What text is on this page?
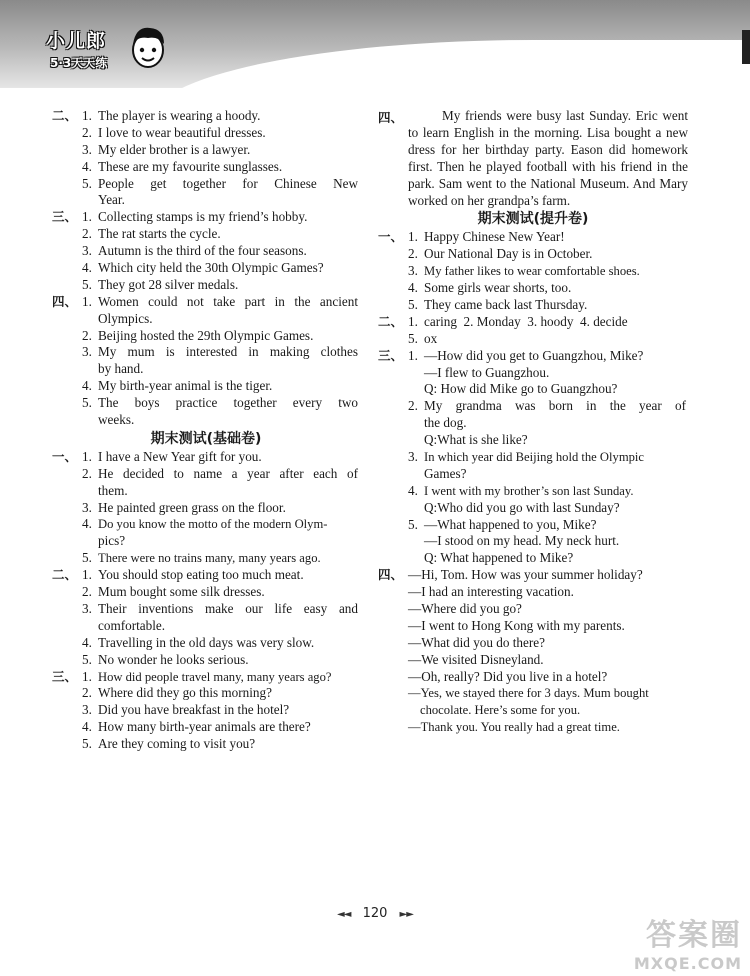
小儿郎
5·3天天练
二、 1. The player is wearing a hoody.
2. I love to wear beautiful dresses.
3. My elder brother is a lawyer.
4. These are my favourite sunglasses.
5. People get together for Chinese New
Year.
三、 1. Collecting stamps is my friend’s hobby.
2. The rat starts the cycle.
3. Autumn is the third of the four seasons.
4. Which city held the 30th Olympic Games?
5. They got 28 silver medals.
四、 1. Women could not take part in the ancient
Olympics.
2. Beijing hosted the 29th Olympic Games.
3. My mum is interested in making clothes
by hand.
4. My birth-year animal is the tiger.
5. The boys practice together every two
weeks.
期末测试(基础卷)
一、 1. I have a New Year gift for you.
2. He decided to name a year after each of
them.
3. He painted green grass on the floor.
4. Do you know the motto of the modern Olym-
pics?
5. There were no trains many, many years ago.
二、 1. You should stop eating too much meat.
2. Mum bought some silk dresses.
3. Their inventions make our life easy and
comfortable.
4. Travelling in the old days was very slow.
5. No wonder he looks serious.
三、 1. How did people travel many, many years ago?
2. Where did they go this morning?
3. Did you have breakfast in the hotel?
4. How many birth-year animals are there?
5. Are they coming to visit you?
四、	My friends were busy last Sunday. Eric went to learn English in the morning. Lisa bought a new dress for her birthday party. Eason did homework first. Then he played football with his friend in the park. Sam went to the National Museum. And Mary worked on her grandpa’s farm.

期末测试(提升卷)
一、 1. Happy Chinese New Year!
2. Our National Day is in October.
3. My father likes to wear comfortable shoes.
4. Some girls wear shorts, too.
5. They came back last Thursday.
二、 1. caring  2. Monday  3. hoody  4. decide
5. ox
三、 1. —How did you get to Guangzhou, Mike?
—I flew to Guangzhou.
Q: How did Mike go to Guangzhou?
2. My grandma was born in the year of
the dog.
Q:What is she like?
3. In which year did Beijing hold the Olympic
Games?
4. I went with my brother’s son last Sunday.
Q:Who did you go with last Sunday?
5. —What happened to you, Mike?
—I stood on my head. My neck hurt.
Q: What happened to Mike?
四、 —Hi, Tom. How was your summer holiday?
—I had an interesting vacation.
—Where did you go?
—I went to Hong Kong with my parents.
—What did you do there?
—We visited Disneyland.
—Oh, really? Did you live in a hotel?
—Yes, we stayed there for 3 days. Mum bought
chocolate. Here’s some for you.
—Thank you. You really had a great time.
◄◄ 120 ►►
答案圈
MXQE.COM
